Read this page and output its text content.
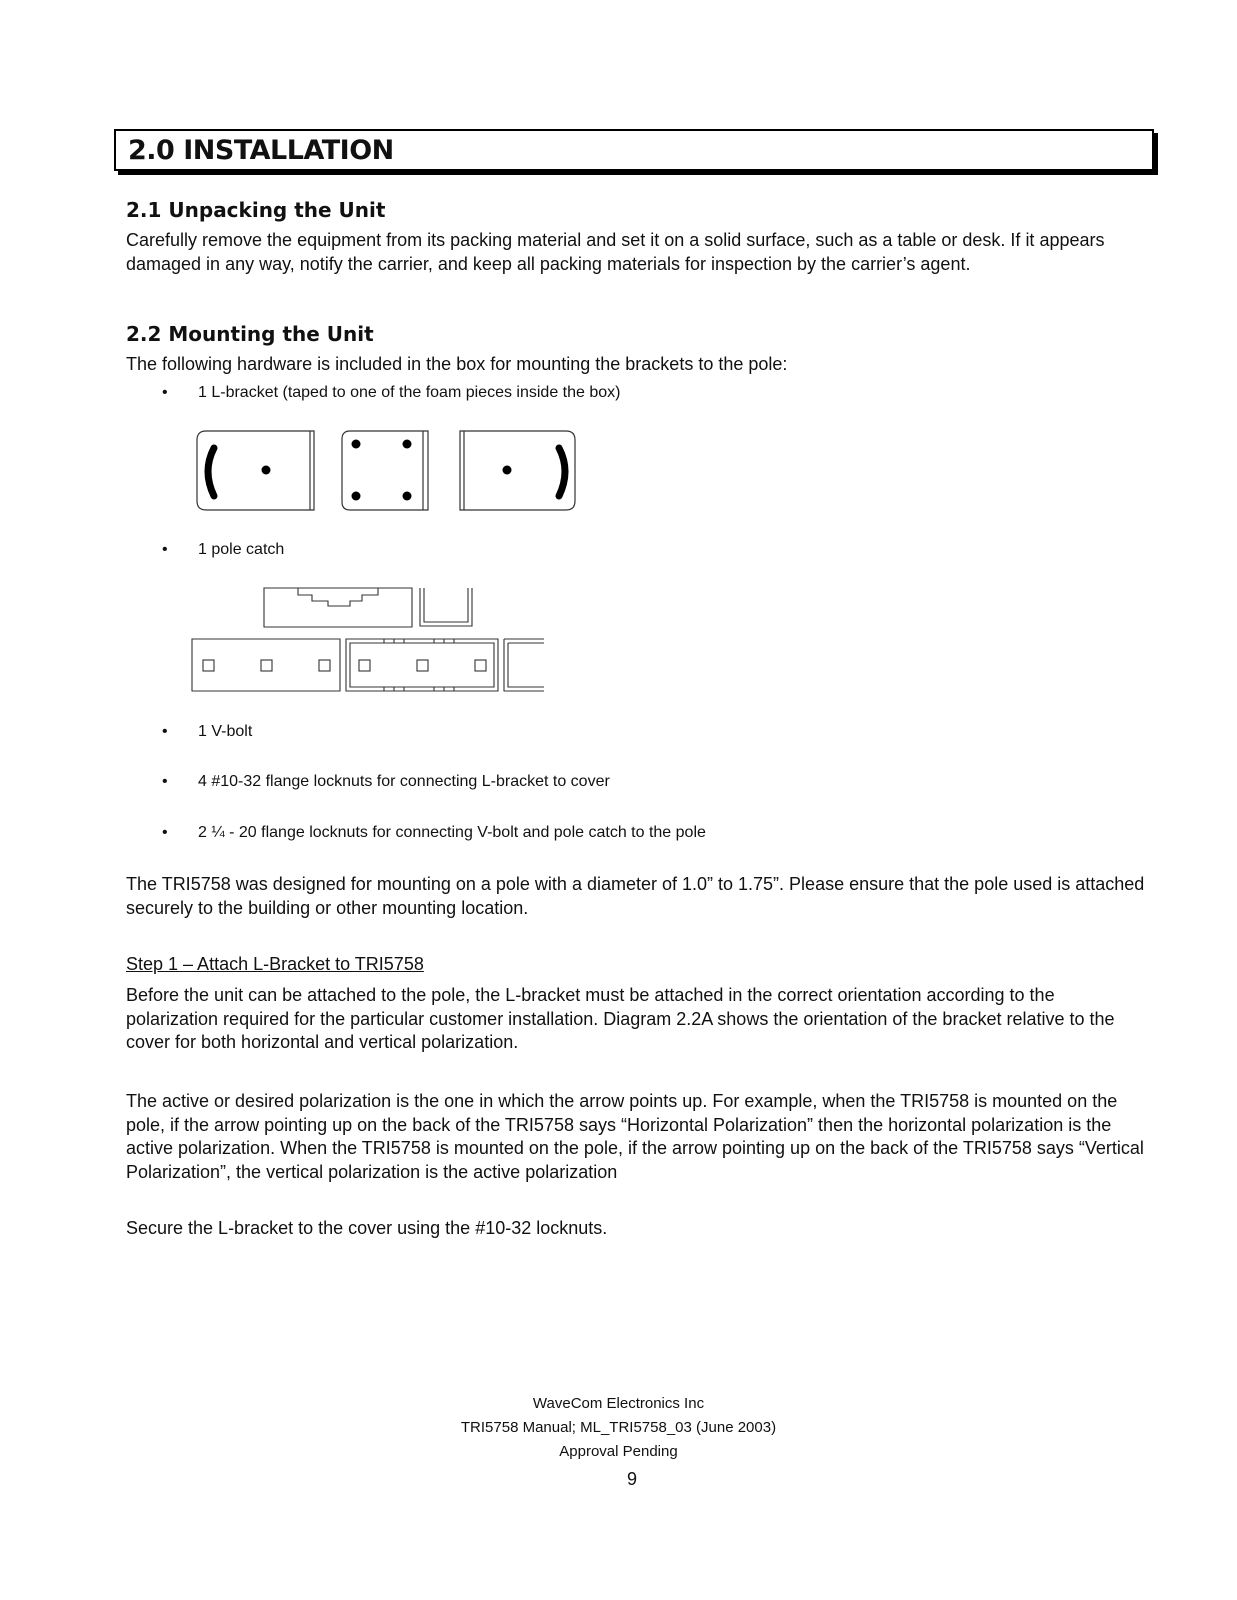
2.0 INSTALLATION
2.1 Unpacking the Unit

Carefully remove the equipment from its packing material and set it on a solid surface, such as a table or desk. If it appears damaged in any way, notify the carrier, and keep all packing materials for inspection by the carrier’s agent.

2.2 Mounting the Unit

The following hardware is included in the box for mounting the brackets to the pole:

• 1 L-bracket (taped to one of the foam pieces inside the box)
• 1 pole catch
• 1 V-bolt
• 4 #10-32 flange locknuts for connecting L-bracket to cover
• 2 ¼ - 20 flange locknuts for connecting V-bolt and pole catch to the pole

The TRI5758 was designed for mounting on a pole with a diameter of 1.0” to 1.75”. Please ensure that the pole used is attached securely to the building or other mounting location.

Step 1 – Attach L-Bracket to TRI5758

Before the unit can be attached to the pole, the L-bracket must be attached in the correct orientation according to the polarization required for the particular customer installation. Diagram 2.2A shows the orientation of the bracket relative to the cover for both horizontal and vertical polarization.

The active or desired polarization is the one in which the arrow points up. For example, when the TRI5758 is mounted on the pole, if the arrow pointing up on the back of the TRI5758 says “Horizontal Polarization” then the horizontal polarization is the active polarization. When the TRI5758 is mounted on the pole, if the arrow pointing up on the back of the TRI5758 says “Vertical Polarization”, the vertical polarization is the active polarization

Secure the L-bracket to the cover using the #10-32 locknuts.

WaveCom Electronics Inc
TRI5758 Manual; ML_TRI5758_03 (June 2003)
Approval Pending
9
